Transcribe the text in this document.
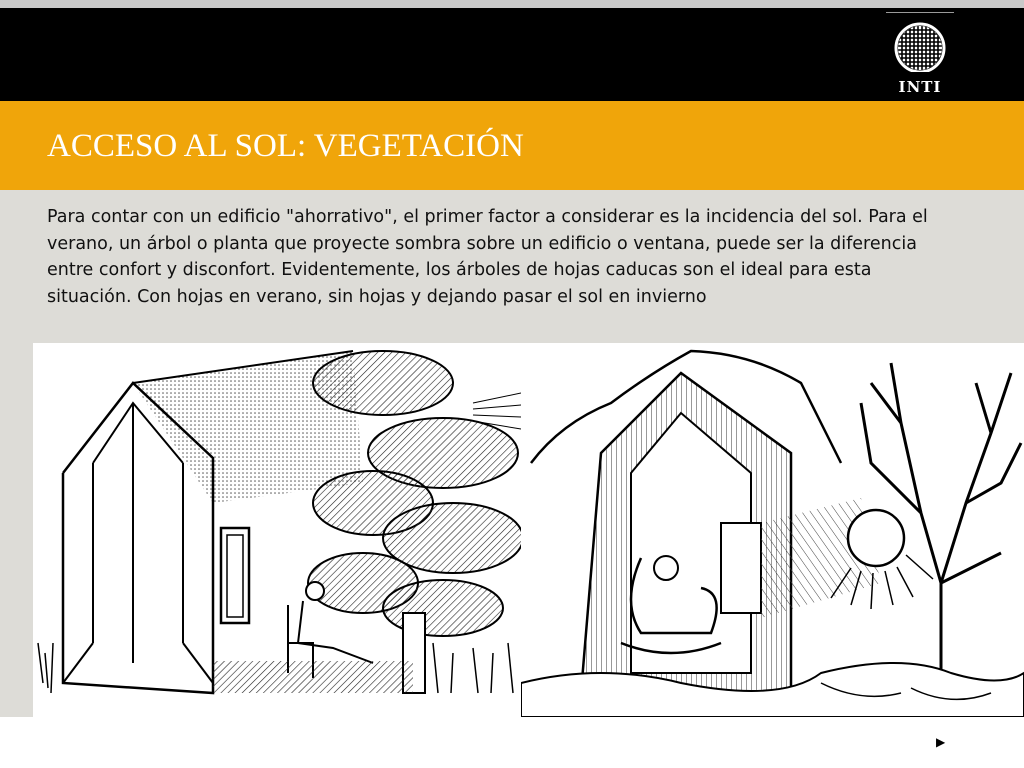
INTI
ACCESO AL SOL: VEGETACIÓN
Para contar con un edificio "ahorrativo", el primer factor a considerar es la incidencia del sol. Para el verano, un árbol o planta que proyecte sombra sobre un edificio o ventana, puede ser la diferencia entre confort y disconfort. Evidentemente, los árboles de hojas caducas son el ideal para esta situación. Con hojas en verano, sin hojas y dejando pasar el sol en invierno
▶
